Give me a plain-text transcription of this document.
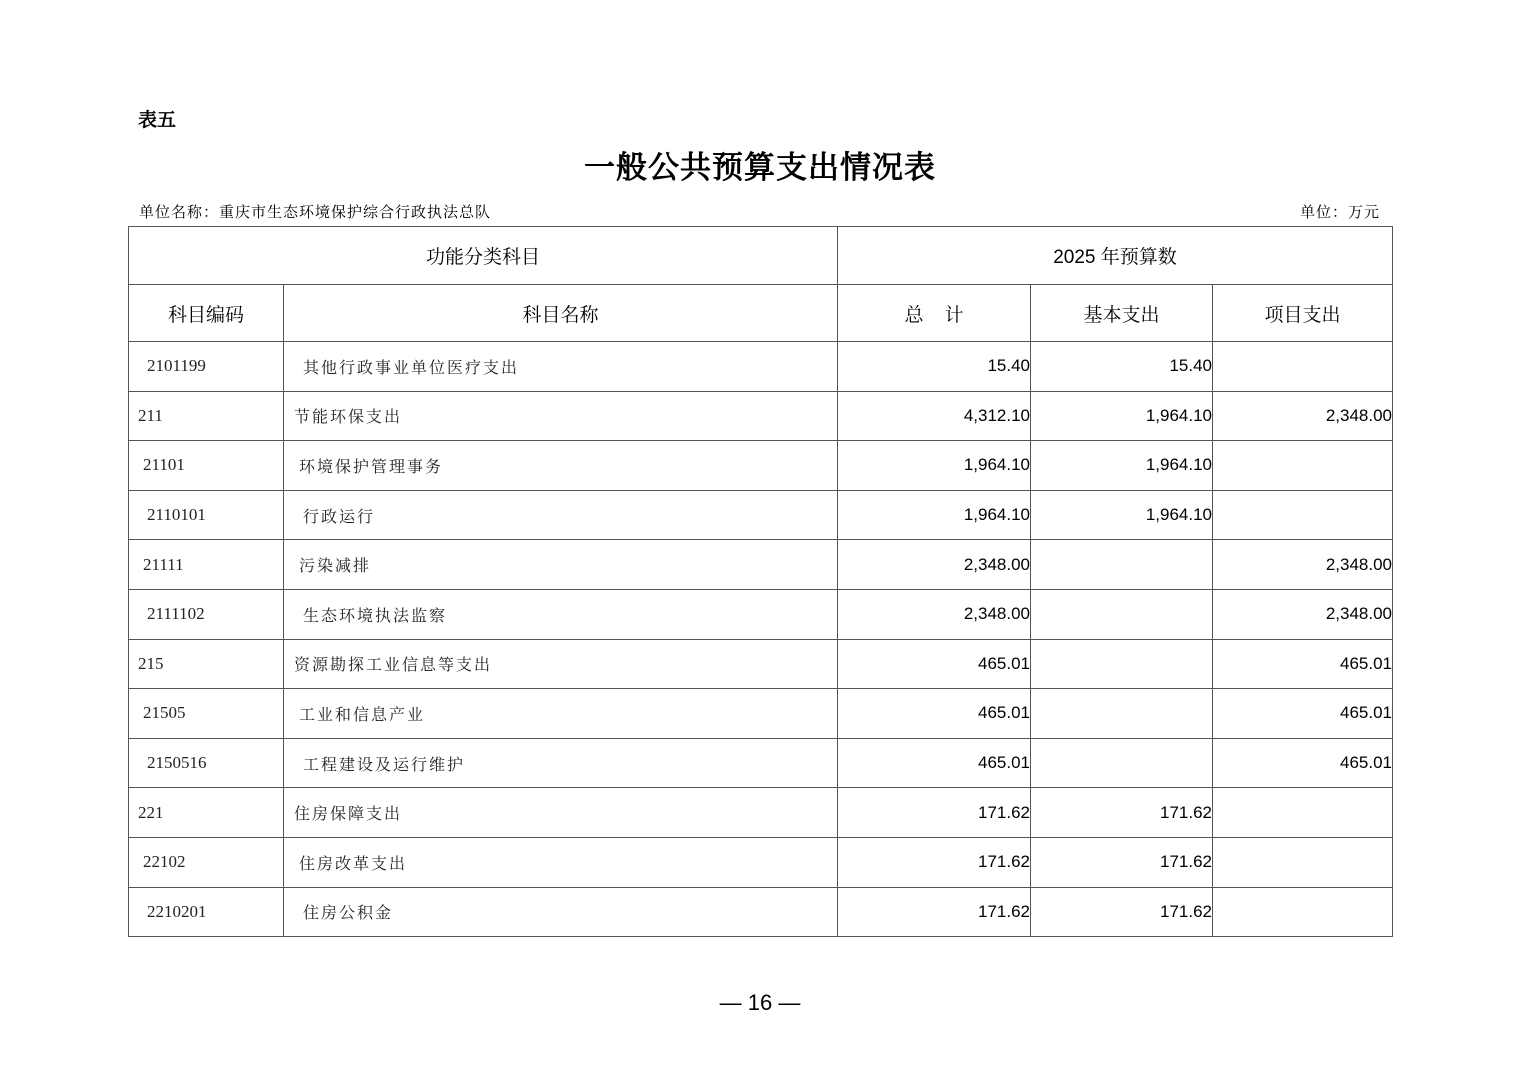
表五
一般公共预算支出情况表
单位名称：重庆市生态环境保护综合行政执法总队	单位：万元
功能分类科目		2025 年预算数		
科目编码	科目名称	总    计	基本支出	项目支出
2101199	其他行政事业单位医疗支出	15.40	15.40	
211	节能环保支出	4,312.10	1,964.10	2,348.00
21101	环境保护管理事务	1,964.10	1,964.10	
2110101	行政运行	1,964.10	1,964.10	
21111	污染减排	2,348.00		2,348.00
2111102	生态环境执法监察	2,348.00		2,348.00
215	资源勘探工业信息等支出	465.01		465.01
21505	工业和信息产业	465.01		465.01
2150516	工程建设及运行维护	465.01		465.01
221	住房保障支出	171.62	171.62	
22102	住房改革支出	171.62	171.62	
2210201	住房公积金	171.62	171.62	
— 16 —
